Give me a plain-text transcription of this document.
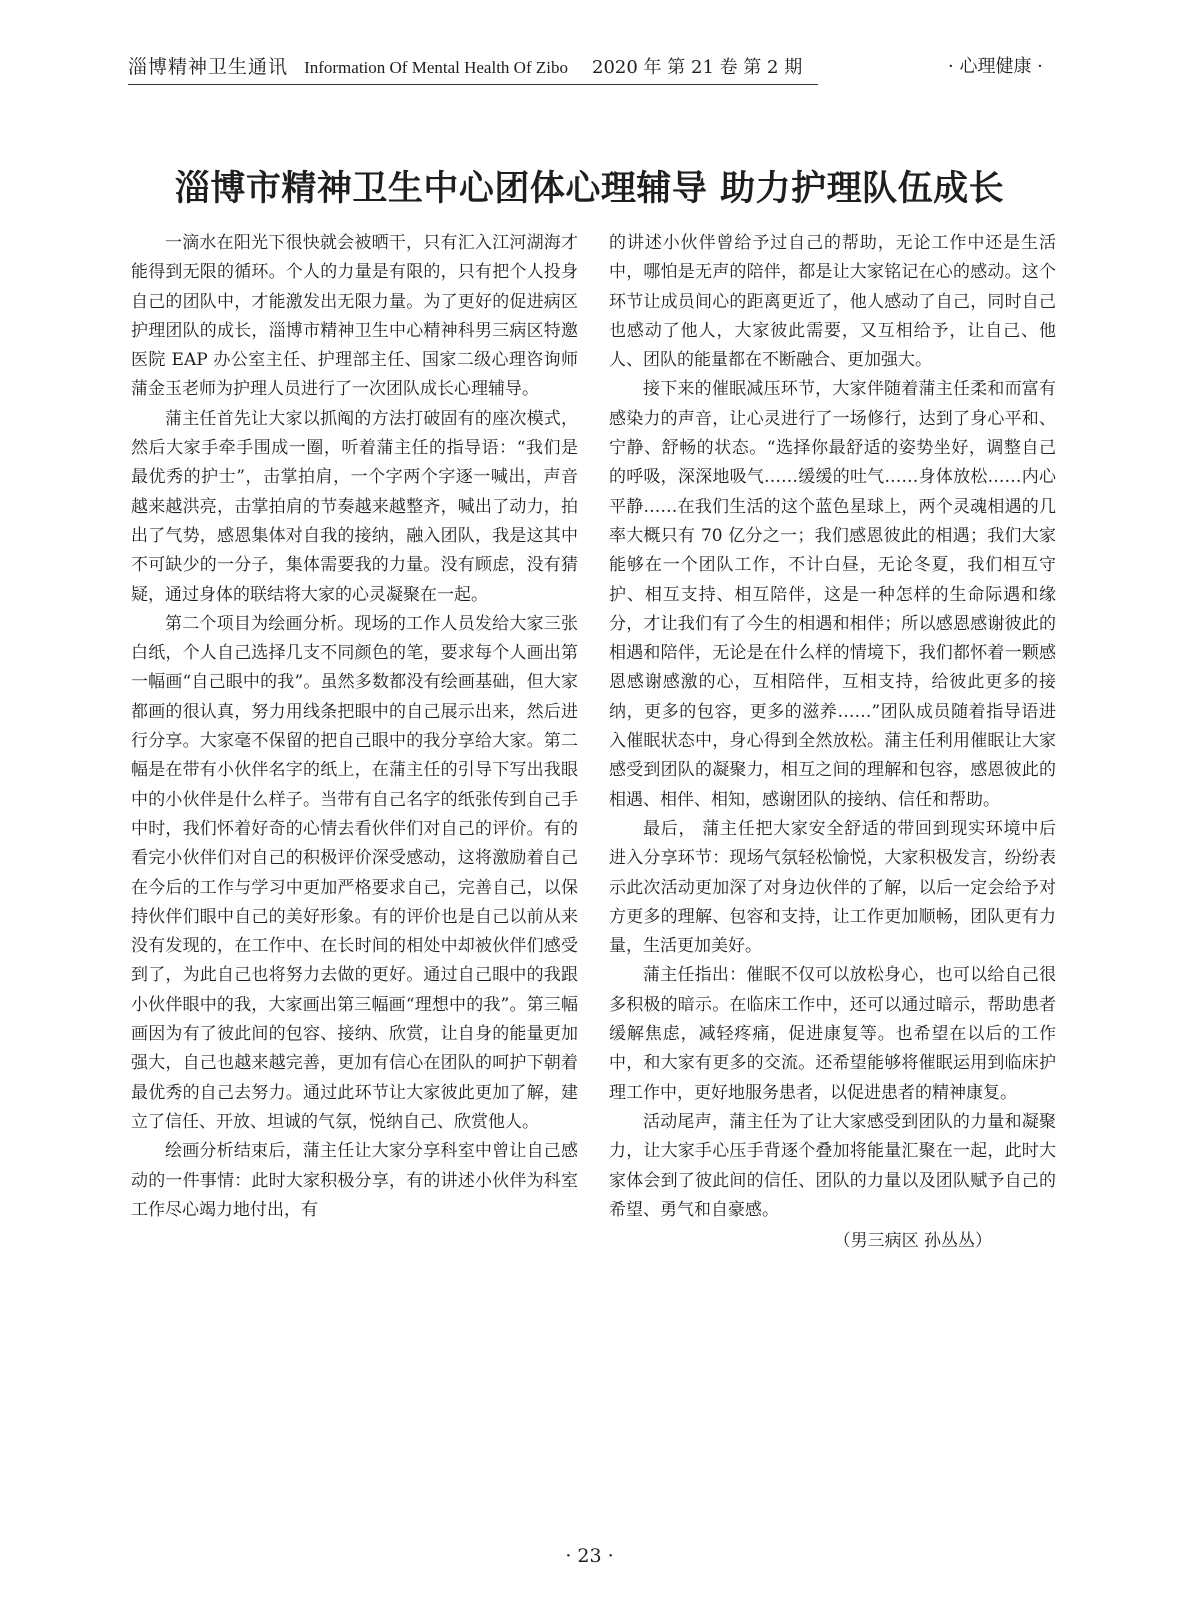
淄博精神卫生通讯 Information Of Mental Health Of Zibo 2020 年 第 21 卷 第 2 期	· 心理健康 ·
淄博市精神卫生中心团体心理辅导 助力护理队伍成长

一滴水在阳光下很快就会被晒干，只有汇入江河湖海才能得到无限的循环。个人的力量是有限的，只有把个人投身自己的团队中，才能激发出无限力量。为了更好的促进病区护理团队的成长，淄博市精神卫生中心精神科男三病区特邀医院 EAP 办公室主任、护理部主任、国家二级心理咨询师蒲金玉老师为护理人员进行了一次团队成长心理辅导。

蒲主任首先让大家以抓阄的方法打破固有的座次模式，然后大家手牵手围成一圈，听着蒲主任的指导语：“我们是最优秀的护士”，击掌拍肩，一个字两个字逐一喊出，声音越来越洪亮，击掌拍肩的节奏越来越整齐，喊出了动力，拍出了气势，感恩集体对自我的接纳，融入团队，我是这其中不可缺少的一分子，集体需要我的力量。没有顾虑，没有猜疑，通过身体的联结将大家的心灵凝聚在一起。

第二个项目为绘画分析。现场的工作人员发给大家三张白纸，个人自己选择几支不同颜色的笔，要求每个人画出第一幅画“自己眼中的我”。虽然多数都没有绘画基础，但大家都画的很认真，努力用线条把眼中的自己展示出来，然后进行分享。大家毫不保留的把自己眼中的我分享给大家。第二幅是在带有小伙伴名字的纸上，在蒲主任的引导下写出我眼中的小伙伴是什么样子。当带有自己名字的纸张传到自己手中时，我们怀着好奇的心情去看伙伴们对自己的评价。有的看完小伙伴们对自己的积极评价深受感动，这将激励着自己在今后的工作与学习中更加严格要求自己，完善自己，以保持伙伴们眼中自己的美好形象。有的评价也是自己以前从来没有发现的，在工作中、在长时间的相处中却被伙伴们感受到了，为此自己也将努力去做的更好。通过自己眼中的我跟小伙伴眼中的我，大家画出第三幅画“理想中的我”。第三幅画因为有了彼此间的包容、接纳、欣赏，让自身的能量更加强大，自己也越来越完善，更加有信心在团队的呵护下朝着最优秀的自己去努力。通过此环节让大家彼此更加了解，建立了信任、开放、坦诚的气氛，悦纳自己、欣赏他人。

绘画分析结束后，蒲主任让大家分享科室中曾让自己感动的一件事情：此时大家积极分享，有的讲述小伙伴为科室工作尽心竭力地付出，有

的讲述小伙伴曾给予过自己的帮助，无论工作中还是生活中，哪怕是无声的陪伴，都是让大家铭记在心的感动。这个环节让成员间心的距离更近了，他人感动了自己，同时自己也感动了他人，大家彼此需要，又互相给予，让自己、他人、团队的能量都在不断融合、更加强大。

接下来的催眠减压环节，大家伴随着蒲主任柔和而富有感染力的声音，让心灵进行了一场修行，达到了身心平和、宁静、舒畅的状态。“选择你最舒适的姿势坐好，调整自己的呼吸，深深地吸气……缓缓的吐气……身体放松……内心平静……在我们生活的这个蓝色星球上，两个灵魂相遇的几率大概只有 70 亿分之一；我们感恩彼此的相遇；我们大家能够在一个团队工作，不计白昼，无论冬夏，我们相互守护、相互支持、相互陪伴，这是一种怎样的生命际遇和缘分，才让我们有了今生的相遇和相伴；所以感恩感谢彼此的相遇和陪伴，无论是在什么样的情境下，我们都怀着一颗感恩感谢感激的心，互相陪伴，互相支持，给彼此更多的接纳，更多的包容，更多的滋养……”团队成员随着指导语进入催眠状态中，身心得到全然放松。蒲主任利用催眠让大家感受到团队的凝聚力，相互之间的理解和包容，感恩彼此的相遇、相伴、相知，感谢团队的接纳、信任和帮助。

最后， 蒲主任把大家安全舒适的带回到现实环境中后进入分享环节：现场气氛轻松愉悦，大家积极发言，纷纷表示此次活动更加深了对身边伙伴的了解，以后一定会给予对方更多的理解、包容和支持，让工作更加顺畅，团队更有力量，生活更加美好。

蒲主任指出：催眠不仅可以放松身心，也可以给自己很多积极的暗示。在临床工作中，还可以通过暗示，帮助患者缓解焦虑，减轻疼痛，促进康复等。也希望在以后的工作中，和大家有更多的交流。还希望能够将催眠运用到临床护理工作中，更好地服务患者，以促进患者的精神康复。

活动尾声，蒲主任为了让大家感受到团队的力量和凝聚力，让大家手心压手背逐个叠加将能量汇聚在一起，此时大家体会到了彼此间的信任、团队的力量以及团队赋予自己的希望、勇气和自豪感。

（男三病区 孙丛丛）
· 23 ·
